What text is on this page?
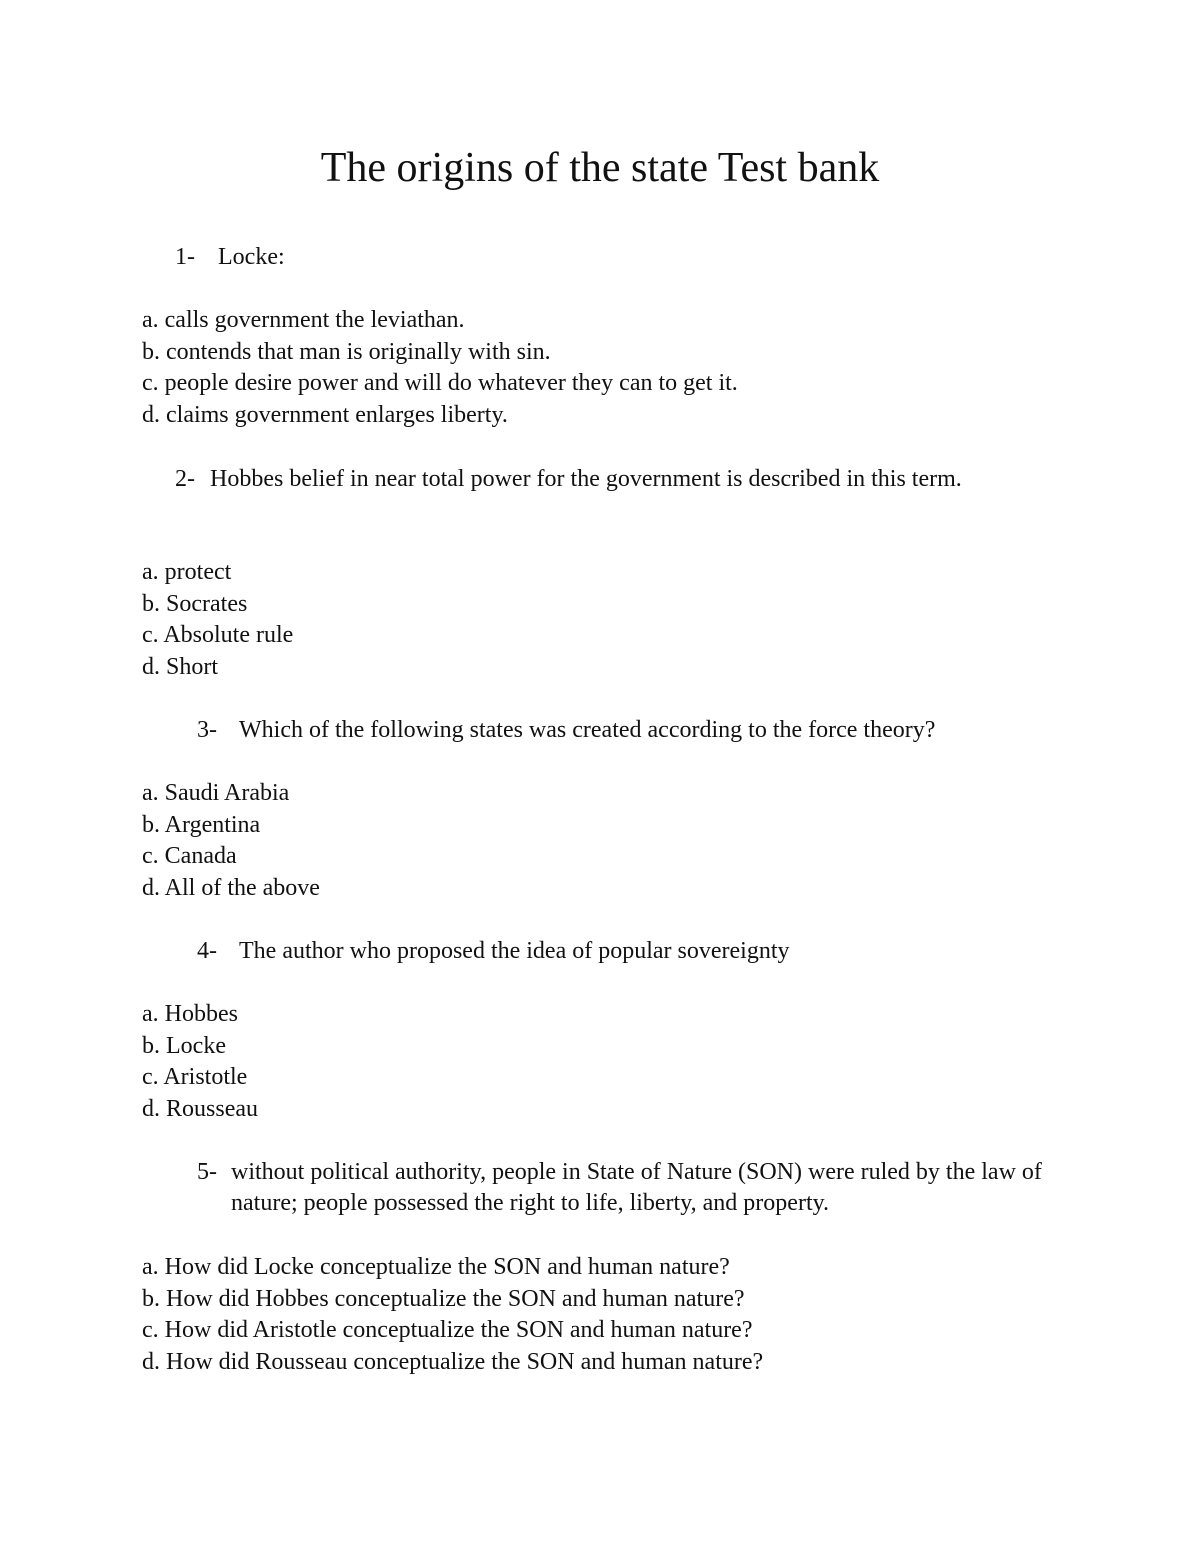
The origins of the state Test bank
1- Locke:
a. calls government the leviathan.
b. contends that man is originally with sin.
c. people desire power and will do whatever they can to get it.
d. claims government enlarges liberty.
2- Hobbes belief in near total power for the government is described in this term.
a. protect
b. Socrates
c. Absolute rule
d. Short
3- Which of the following states was created according to the force theory?
a. Saudi Arabia
b. Argentina
c. Canada
d. All of the above
4- The author who proposed the idea of popular sovereignty
a. Hobbes
b. Locke
c. Aristotle
d. Rousseau
5- without political authority, people in State of Nature (SON) were ruled by the law of nature; people possessed the right to life, liberty, and property.
a. How did Locke conceptualize the SON and human nature?
b. How did Hobbes conceptualize the SON and human nature?
c. How did Aristotle conceptualize the SON and human nature?
d. How did Rousseau conceptualize the SON and human nature?
